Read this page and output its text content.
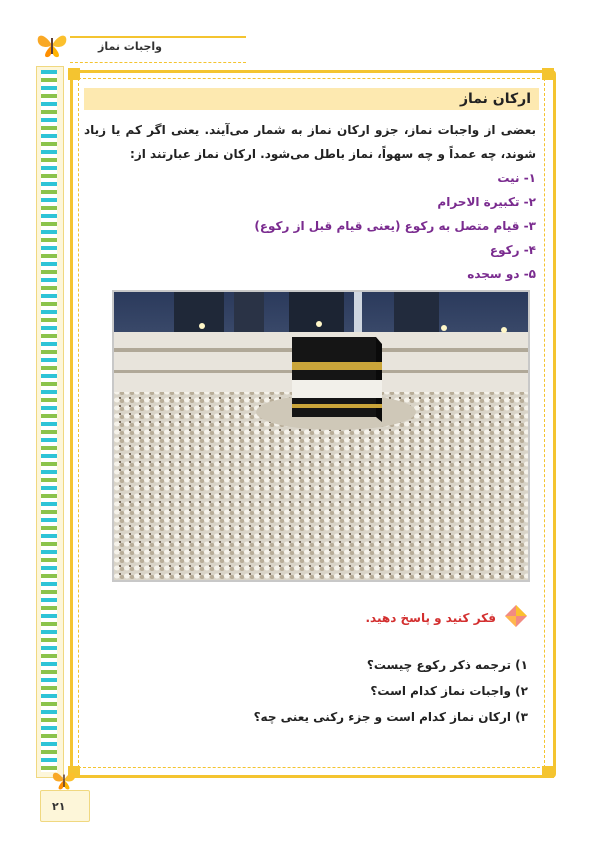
واجبات نماز
ارکان نماز
بعضی از واجبات نماز، جزو ارکان نماز به شمار می‌آیند. یعنی اگر کم یا زیاد شوند، چه عمداً و چه سهواً، نماز باطل می‌شود. ارکان نماز عبارتند از:
۱- نیت
۲- تکبیرة الاحرام
۳- قیام متصل به رکوع (یعنی قیام قبل از رکوع)
۴- رکوع
۵- دو سجده
فکر کنید و پاسخ دهید.
۱) ترجمه ذکر رکوع چیست؟
۲) واجبات نماز کدام است؟
۳) ارکان نماز کدام است و جزء رکنی یعنی چه؟
۲۱
